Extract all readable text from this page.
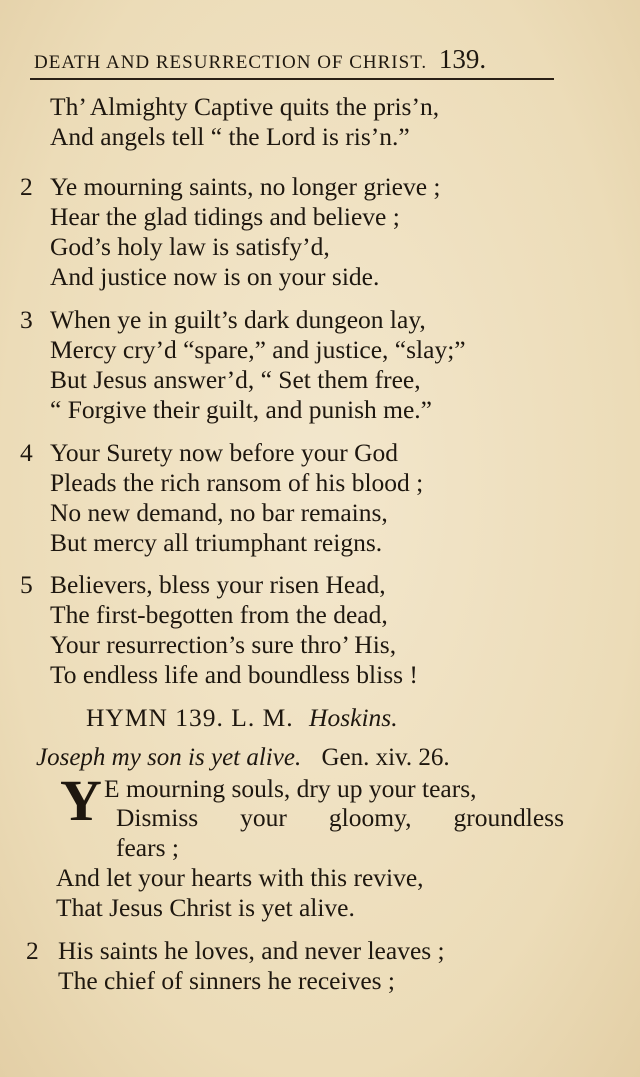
DEATH AND RESURRECTION OF CHRIST. 139.
Th’ Almighty Captive quits the pris’n,
And angels tell “ the Lord is ris’n.”
2 Ye mourning saints, no longer grieve ;
Hear the glad tidings and believe ;
God’s holy law is satisfy’d,
And justice now is on your side.
3 When ye in guilt’s dark dungeon lay,
Mercy cry’d “spare,” and justice, “slay;”
But Jesus answer’d, “ Set them free,
“ Forgive their guilt, and punish me.”
4 Your Surety now before your God
Pleads the rich ransom of his blood ;
No new demand, no bar remains,
But mercy all triumphant reigns.
5 Believers, bless your risen Head,
The first-begotten from the dead,
Your resurrection’s sure thro’ His,
To endless life and boundless bliss !
HYMN 139. L. M. Hoskins.
Joseph my son is yet alive. Gen. xiv. 26.
Y E mourning souls, dry up your tears,
Dismiss your gloomy, groundless
fears ;
And let your hearts with this revive,
That Jesus Christ is yet alive.
2 His saints he loves, and never leaves ;
The chief of sinners he receives ;
